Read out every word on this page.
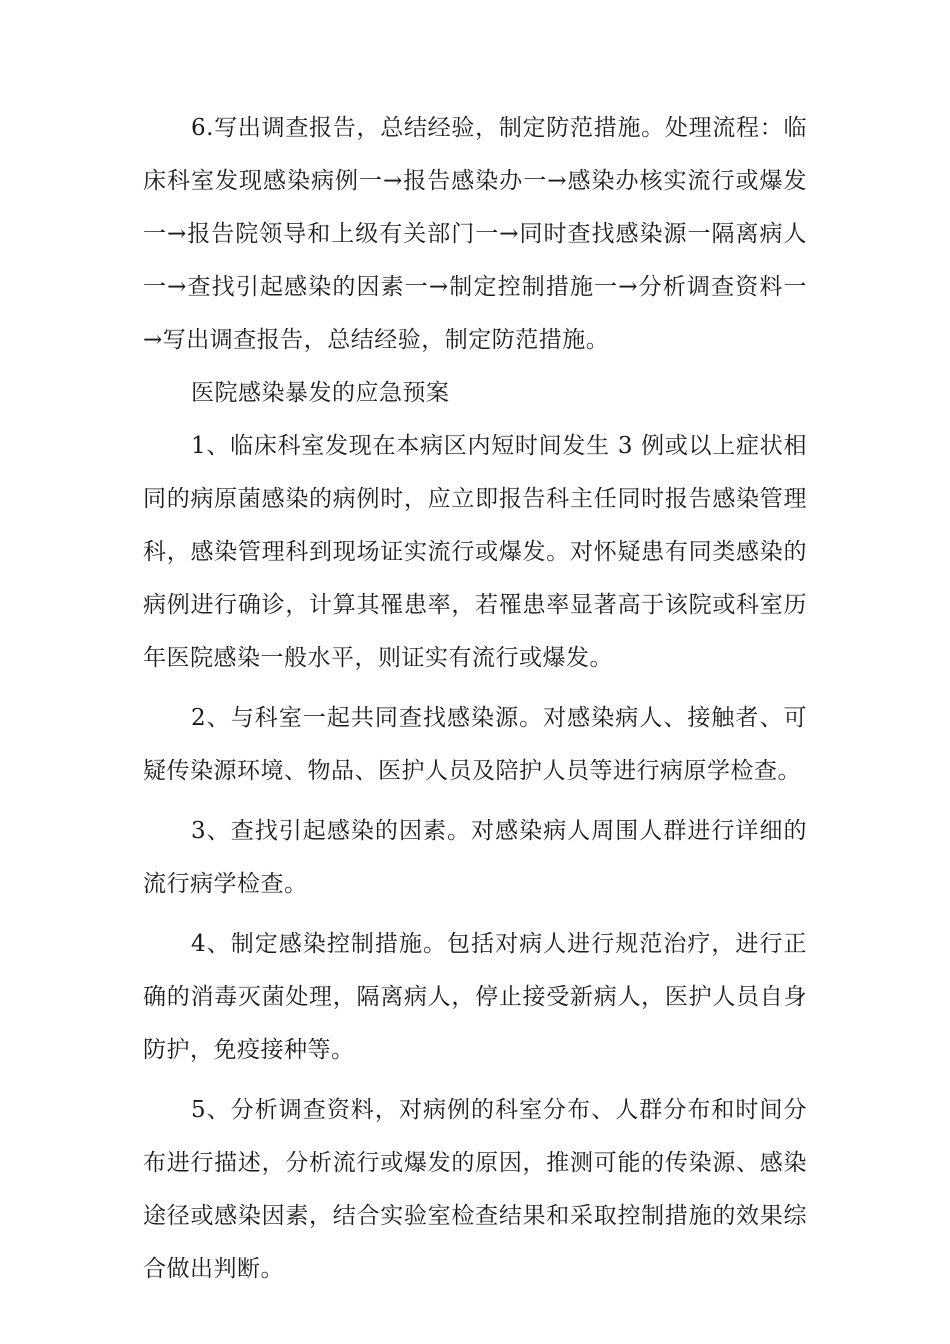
6.写出调查报告，总结经验，制定防范措施。处理流程：临床科室发现感染病例一→报告感染办一→感染办核实流行或爆发一→报告院领导和上级有关部门一→同时查找感染源一隔离病人一→查找引起感染的因素一→制定控制措施一→分析调查资料一→写出调查报告，总结经验，制定防范措施。

医院感染暴发的应急预案

1、临床科室发现在本病区内短时间发生 3 例或以上症状相同的病原菌感染的病例时，应立即报告科主任同时报告感染管理科，感染管理科到现场证实流行或爆发。对怀疑患有同类感染的病例进行确诊，计算其罹患率，若罹患率显著高于该院或科室历年医院感染一般水平，则证实有流行或爆发。

2、与科室一起共同查找感染源。对感染病人、接触者、可疑传染源环境、物品、医护人员及陪护人员等进行病原学检查。

3、查找引起感染的因素。对感染病人周围人群进行详细的流行病学检查。

4、制定感染控制措施。包括对病人进行规范治疗，进行正确的消毒灭菌处理，隔离病人，停止接受新病人，医护人员自身防护，免疫接种等。

5、分析调查资料，对病例的科室分布、人群分布和时间分布进行描述，分析流行或爆发的原因，推测可能的传染源、感染途径或感染因素，结合实验室检查结果和采取控制措施的效果综合做出判断。
